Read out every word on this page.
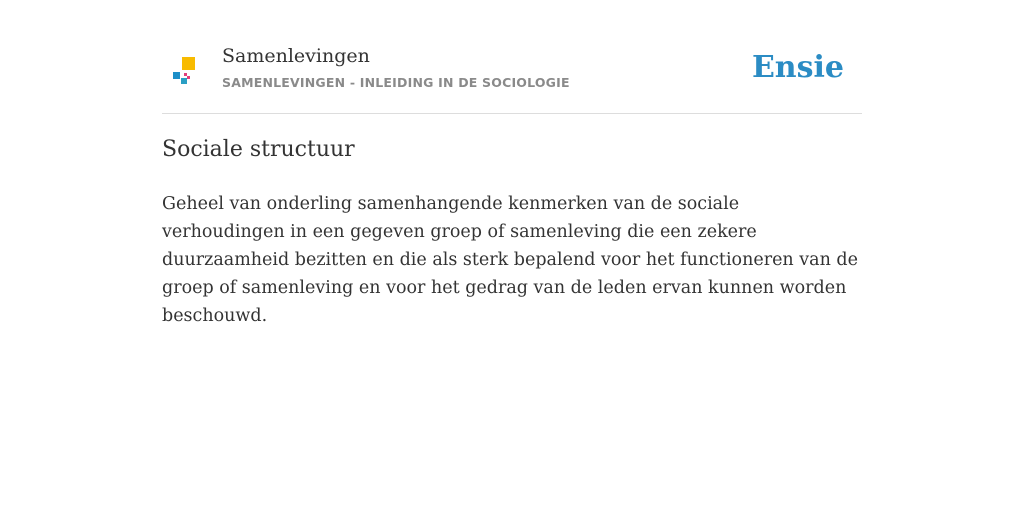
Samenlevingen
SAMENLEVINGEN - INLEIDING IN DE SOCIOLOGIE	Ensie
Sociale structuur

Geheel van onderling samenhangende kenmerken van de sociale verhoudingen in een gegeven groep of samenleving die een zekere duurzaamheid bezitten en die als sterk bepalend voor het functioneren van de groep of samenleving en voor het gedrag van de leden ervan kunnen worden beschouwd.
